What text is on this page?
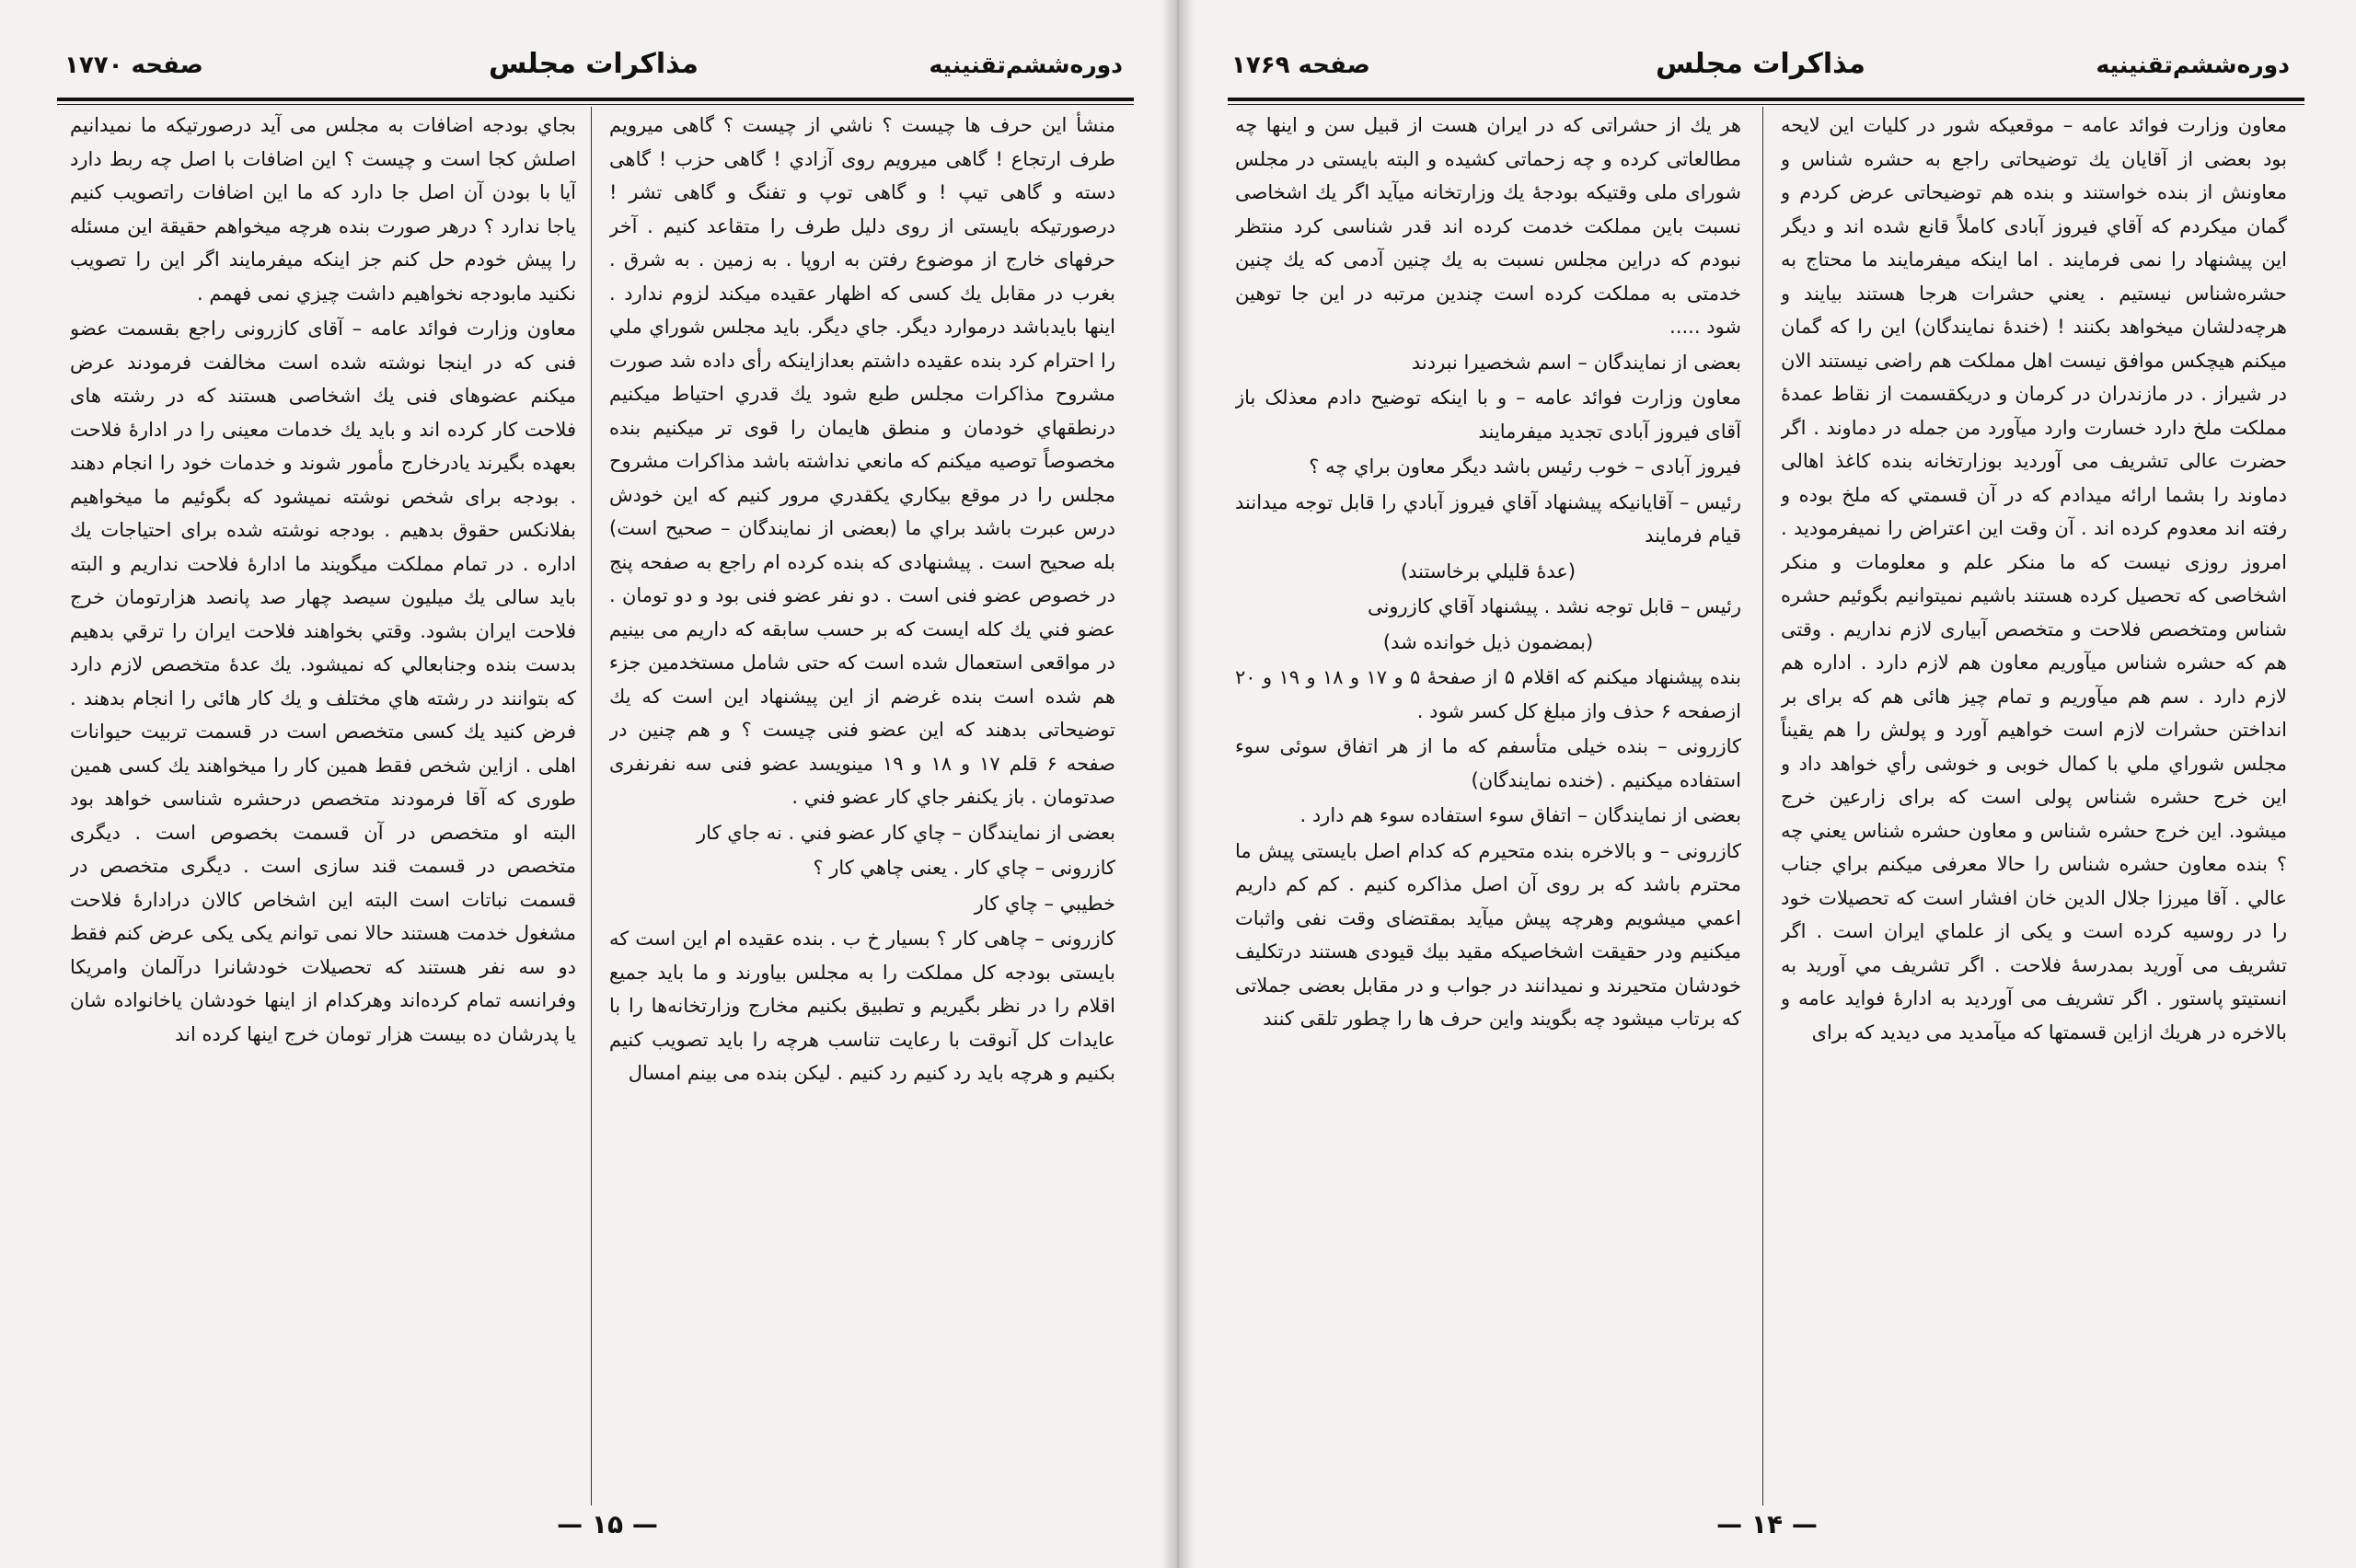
دوره‌ششم‌تقنینیه
مذاکرات مجلس
صفحه ۱۷۷۰

منشأ این حرف ها چیست ؟ ناشي از چیست ؟ گاهی میرویم طرف ارتجاع ! گاهی میرویم روی آزادي ! گاهی حزب ! گاهی دسته و گاهی تیپ ! و گاهی توپ و تفنگ و گاهی تشر ! درصورتیکه بایستی از روی دلیل طرف را متقاعد کنیم . آخر حرفهای خارج از موضوع رفتن به اروپا . به زمین . به شرق . بغرب در مقابل یك کسی که اظهار عقیده میکند لزوم ندارد . اینها بایدباشد درموارد دیگر. جاي دیگر. باید مجلس شوراي ملي را احترام کرد بنده عقیده داشتم بعدازاینکه رأی داده شد صورت مشروح مذاکرات مجلس طبع شود یك قدري احتیاط میکنیم درنطقهاي خودمان و منطق هایمان را قوی تر میکنیم بنده مخصوصاً توصیه میکنم که مانعي نداشته باشد مذاکرات مشروح مجلس را در موقع بیکاري یکقدري مرور کنیم که این خودش درس عبرت باشد براي ما (بعضی از نمایندگان – صحیح است) بله صحیح است . پیشنهادی که بنده کرده ام راجع به صفحه پنج در خصوص عضو فنی است . دو نفر عضو فنی بود و دو تومان . عضو فني یك کله ایست که بر حسب سابقه که داریم می بینیم در مواقعی استعمال شده است که حتی شامل مستخدمین جزء هم شده است بنده غرضم از این پیشنهاد این است که یك توضیحاتی بدهند که این عضو فنی چیست ؟ و هم چنین در صفحه ۶ قلم ۱۷ و ۱۸ و ۱۹ مینویسد عضو فنی سه نفرنفری صدتومان . باز یکنفر جاي کار عضو فني .

بعضی از نمایندگان – چاي کار عضو فني . نه جاي کار

کازرونی – چاي کار . یعنی چاهي کار ؟

خطیبي – چاي کار

کازرونی – چاهی کار ؟ بسیار خ ب . بنده عقیده ام این است که بایستی بودجه کل مملکت را به مجلس بیاورند و ما باید جمیع اقلام را در نظر بگیریم و تطبیق بکنیم مخارج وزارتخانه‌ها را با عایدات کل آنوقت با رعایت تناسب هرچه را باید تصویب کنیم بکنیم و هرچه باید رد کنیم رد کنیم . لیکن بنده می بینم امسال

بجاي بودجه اضافات به مجلس می آید درصورتیکه ما نمیدانیم اصلش کجا است و چیست ؟ این اضافات با اصل چه ربط دارد آیا با بودن آن اصل جا دارد که ما این اضافات راتصویب کنیم یاجا ندارد ؟ درهر صورت بنده هرچه میخواهم حقیقة این مسئله را پیش خودم حل کنم جز اینکه میفرمایند اگر این را تصویب نکنید مابودجه نخواهیم داشت چیزي نمی فهمم .

معاون وزارت فوائد عامه – آقای کازرونی راجع بقسمت عضو فنی که در اینجا نوشته شده است مخالفت فرمودند عرض میکنم عضوهای فنی یك اشخاصی هستند که در رشته های فلاحت کار کرده اند و باید یك خدمات معینی را در ادارهٔ فلاحت بعهده بگیرند یادرخارج مأمور شوند و خدمات خود را انجام دهند . بودجه برای شخص نوشته نمیشود که بگوئیم ما میخواهیم بفلانکس حقوق بدهیم . بودجه نوشته شده برای احتیاجات یك اداره . در تمام مملکت میگویند ما ادارهٔ فلاحت نداریم و البته باید سالی یك میلیون سیصد چهار صد پانصد هزارتومان خرج فلاحت ایران بشود. وقتي بخواهند فلاحت ایران را ترقي بدهیم بدست بنده وجنابعالي که نمیشود. یك عدهٔ متخصص لازم دارد که بتوانند در رشته هاي مختلف و یك کار هائی را انجام بدهند . فرض کنید یك کسی متخصص است در قسمت تربیت حیوانات اهلی . ازاین شخص فقط همین کار را میخواهند یك کسی همین طوری که آقا فرمودند متخصص درحشره شناسی خواهد بود البته او متخصص در آن قسمت بخصوص است . دیگری متخصص در قسمت قند سازی است . دیگری متخصص در قسمت نباتات است البته این اشخاص کالان درادارهٔ فلاحت مشغول خدمت هستند حالا نمی توانم یکی یکی عرض کنم فقط دو سه نفر هستند که تحصیلات خودشانرا درآلمان وامریکا وفرانسه تمام کرده‌اند وهرکدام از اینها خودشان یاخانواده شان یا پدرشان ده بیست هزار تومان خرج اینها کرده اند

— ۱۵ —
دوره‌ششم‌تقنینیه
مذاکرات مجلس
صفحه ۱۷۶۹

معاون وزارت فوائد عامه – موقعیکه شور در کلیات این لایحه بود بعضی از آقایان یك توضیحاتی راجع به حشره شناس و معاونش از بنده خواستند و بنده هم توضیحاتی عرض کردم و گمان میکردم که آقاي فیروز آبادی کاملاً قانع شده اند و دیگر این پیشنهاد را نمی فرمایند . اما اینکه میفرمایند ما محتاج به حشره‌شناس نیستیم . یعني حشرات هرجا هستند بیایند و هرچه‌دلشان میخواهد بکنند ! (خندهٔ نمایندگان) این را که گمان میکنم هیچکس موافق نیست اهل مملکت هم راضی نیستند الان در شیراز . در مازندران در کرمان و دریکقسمت از نقاط عمدهٔ مملکت ملخ دارد خسارت وارد میآورد من جمله در دماوند . اگر حضرت عالی تشریف می آوردید بوزارتخانه بنده کاغذ اهالی دماوند را بشما ارائه میدادم که در آن قسمتي که ملخ بوده و رفته اند معدوم کرده اند . آن وقت این اعتراض را نمیفرمودید . امروز روزی نیست که ما منکر علم و معلومات و منکر اشخاصی که تحصیل کرده هستند باشیم نمیتوانیم بگوئیم حشره شناس ومتخصص فلاحت و متخصص آبیاری لازم نداریم . وقتی هم که حشره شناس میآوریم معاون هم لازم دارد . اداره هم لازم دارد . سم هم میآوریم و تمام چیز هائی هم که برای بر انداختن حشرات لازم است خواهیم آورد و پولش را هم یقیناً مجلس شوراي ملي با کمال خوبی و خوشی رأي خواهد داد و این خرج حشره شناس پولی است که برای زارعین خرج میشود. این خرج حشره شناس و معاون حشره شناس یعني چه ؟ بنده معاون حشره شناس را حالا معرفی میکنم براي جناب عالي . آقا میرزا جلال الدین خان افشار است که تحصیلات خود را در روسیه کرده است و یکی از علماي ایران است . اگر تشریف می آورید بمدرسهٔ فلاحت . اگر تشریف مي آورید به انستیتو پاستور . اگر تشریف می آوردید به ادارهٔ فواید عامه و بالاخره در هریك ازاین قسمتها که میآمدید می دیدید که برای

هر یك از حشراتی که در ایران هست از قبیل سن و اینها چه مطالعاتی کرده و چه زحماتی کشیده و البته بایستی در مجلس شورای ملی وقتیکه بودجهٔ یك وزارتخانه میآید اگر یك اشخاصی نسبت باین مملکت خدمت کرده اند قدر شناسی کرد منتظر نبودم که دراین مجلس نسبت به یك چنین آدمی که یك چنین خدمتی به مملکت کرده است چندین مرتبه در این جا توهین شود .....

بعضی از نمایندگان – اسم شخصیرا نبردند

معاون وزارت فوائد عامه – و با اینکه توضیح دادم معذلک باز آقای فیروز آبادی تجدید میفرمایند

فیروز آبادی – خوب رئیس باشد دیگر معاون براي چه ؟

رئیس – آقایانیکه پیشنهاد آقاي فیروز آبادي را قابل توجه میدانند قیام فرمایند

(عدهٔ قلیلي برخاستند)

رئیس – قابل توجه نشد . پیشنهاد آقاي کازرونی

(بمضمون ذیل خوانده شد)

بنده پیشنهاد میکنم که اقلام ۵ از صفحهٔ ۵ و ۱۷ و ۱۸ و ۱۹ و ۲۰ ازصفحه ۶ حذف واز مبلغ کل کسر شود .

کازرونی – بنده خیلی متأسفم که ما از هر اتفاق سوئی سوء استفاده میکنیم . (خنده نمایندگان)

بعضی از نمایندگان – اتفاق سوء استفاده سوء هم دارد .

کازرونی – و بالاخره بنده متحیرم که کدام اصل بایستی پیش ما محترم باشد که بر روی آن اصل مذاکره کنیم . کم کم داریم اعمي میشویم وهرچه پیش میآید بمقتضای وقت نفی واثبات میکنیم ودر حقیقت اشخاصیکه مقید بیك قیودی هستند درتکلیف خودشان متحیرند و نمیدانند در جواب و در مقابل بعضی جملاتی که برتاب میشود چه بگویند واین حرف ها را چطور تلقی کنند

— ۱۴ —
